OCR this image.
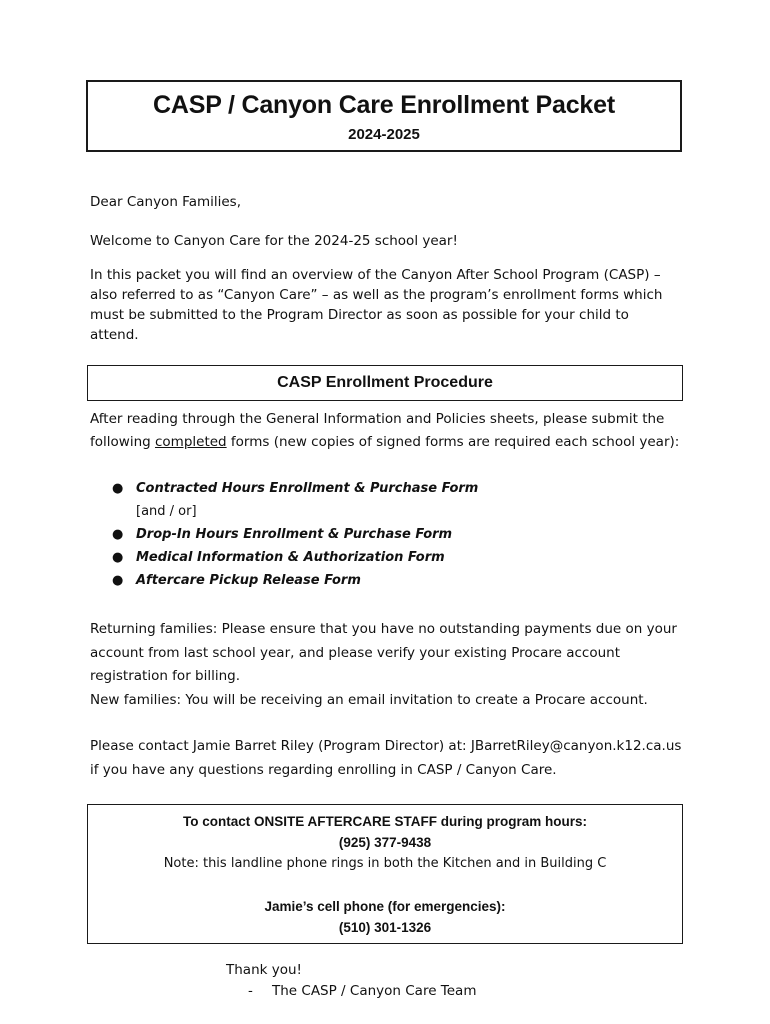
CASP / Canyon Care Enrollment Packet
2024-2025
Dear Canyon Families,
Welcome to Canyon Care for the 2024-25 school year!
In this packet you will find an overview of the Canyon After School Program (CASP) – also referred to as “Canyon Care” – as well as the program’s enrollment forms which must be submitted to the Program Director as soon as possible for your child to attend.
CASP Enrollment Procedure
After reading through the General Information and Policies sheets, please submit the following completed forms (new copies of signed forms are required each school year):
● Contracted Hours Enrollment & Purchase Form
[and / or]
● Drop-In Hours Enrollment & Purchase Form
● Medical Information & Authorization Form
● Aftercare Pickup Release Form
Returning families: Please ensure that you have no outstanding payments due on your account from last school year, and please verify your existing Procare account registration for billing.
New families: You will be receiving an email invitation to create a Procare account.
Please contact Jamie Barret Riley (Program Director) at: JBarretRiley@canyon.k12.ca.us if you have any questions regarding enrolling in CASP / Canyon Care.
To contact ONSITE AFTERCARE STAFF during program hours:
(925) 377-9438
Note: this landline phone rings in both the Kitchen and in Building C
Jamie’s cell phone (for emergencies):
(510) 301-1326
Thank you!
- The CASP / Canyon Care Team
